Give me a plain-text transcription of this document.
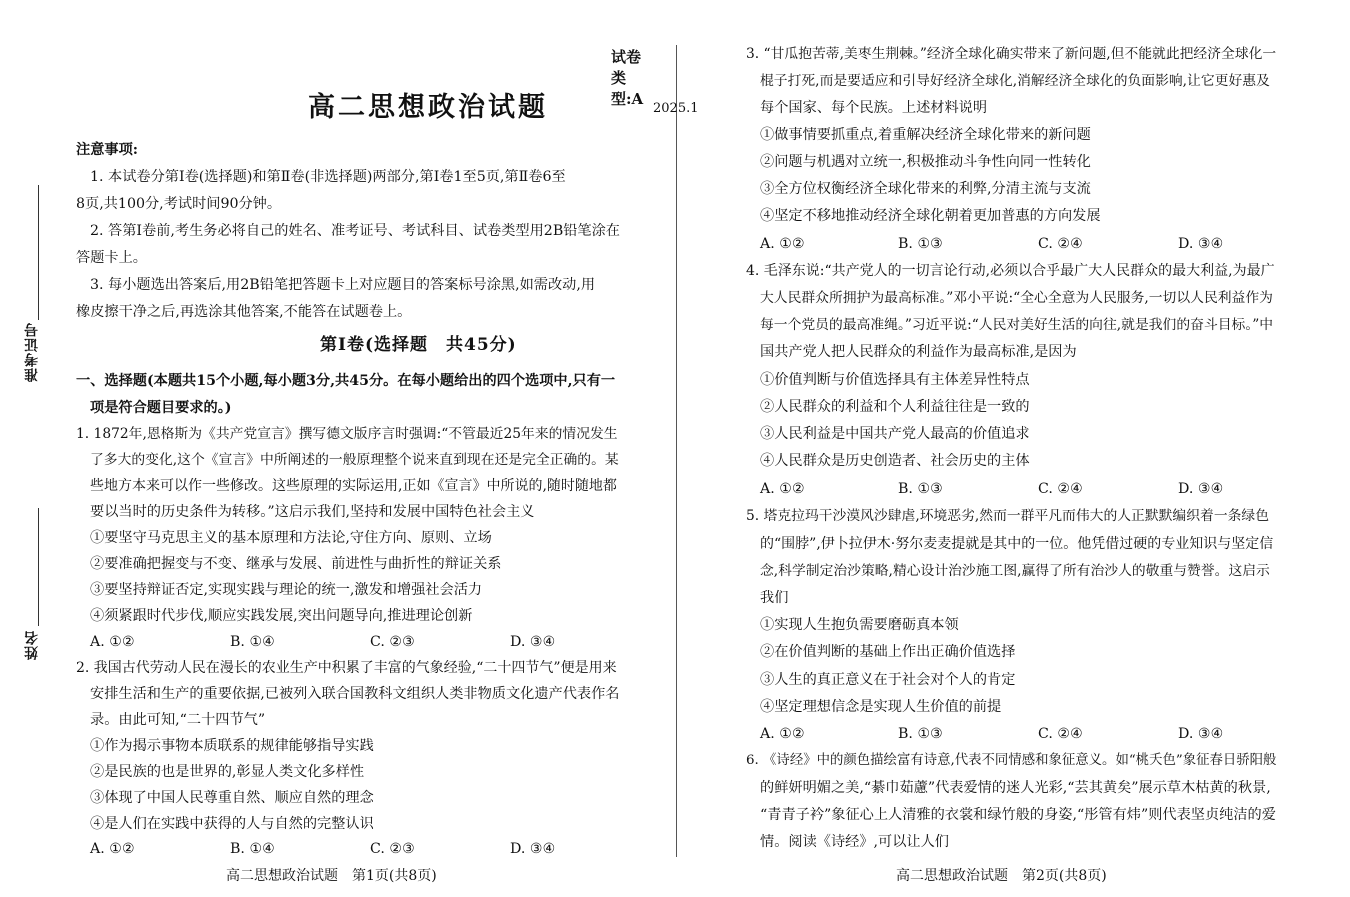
准考证号
姓名
试卷类型:A
高二思想政治试题	2025.1
注意事项:
1. 本试卷分第Ⅰ卷(选择题)和第Ⅱ卷(非选择题)两部分,第Ⅰ卷1至5页,第Ⅱ卷6至
8页,共100分,考试时间90分钟。
2. 答第Ⅰ卷前,考生务必将自己的姓名、准考证号、考试科目、试卷类型用2B铅笔涂在
答题卡上。
3. 每小题选出答案后,用2B铅笔把答题卡上对应题目的答案标号涂黑,如需改动,用
橡皮擦干净之后,再选涂其他答案,不能答在试题卷上。
第Ⅰ卷(选择题　共45分)
一、选择题(本题共15个小题,每小题3分,共45分。在每小题给出的四个选项中,只有一
项是符合题目要求的。)
1. 1872年,恩格斯为《共产党宣言》撰写德文版序言时强调:“不管最近25年来的情况发生
了多大的变化,这个《宣言》中所阐述的一般原理整个说来直到现在还是完全正确的。某
些地方本来可以作一些修改。这些原理的实际运用,正如《宣言》中所说的,随时随地都
要以当时的历史条件为转移。”这启示我们,坚持和发展中国特色社会主义
①要坚守马克思主义的基本原理和方法论,守住方向、原则、立场
②要准确把握变与不变、继承与发展、前进性与曲折性的辩证关系
③要坚持辩证否定,实现实践与理论的统一,激发和增强社会活力
④须紧跟时代步伐,顺应实践发展,突出问题导向,推进理论创新
A. ①②	B. ①④	C. ②③	D. ③④
2. 我国古代劳动人民在漫长的农业生产中积累了丰富的气象经验,“二十四节气”便是用来
安排生活和生产的重要依据,已被列入联合国教科文组织人类非物质文化遗产代表作名
录。由此可知,“二十四节气”
①作为揭示事物本质联系的规律能够指导实践
②是民族的也是世界的,彰显人类文化多样性
③体现了中国人民尊重自然、顺应自然的理念
④是人们在实践中获得的人与自然的完整认识
A. ①②	B. ①④	C. ②③	D. ③④
高二思想政治试题　第1页(共8页)
3. “甘瓜抱苦蒂,美枣生荆棘。”经济全球化确实带来了新问题,但不能就此把经济全球化一
棍子打死,而是要适应和引导好经济全球化,消解经济全球化的负面影响,让它更好惠及
每个国家、每个民族。上述材料说明
①做事情要抓重点,着重解决经济全球化带来的新问题
②问题与机遇对立统一,积极推动斗争性向同一性转化
③全方位权衡经济全球化带来的利弊,分清主流与支流
④坚定不移地推动经济全球化朝着更加普惠的方向发展
A. ①②	B. ①③	C. ②④	D. ③④
4. 毛泽东说:“共产党人的一切言论行动,必须以合乎最广大人民群众的最大利益,为最广
大人民群众所拥护为最高标准。”邓小平说:“全心全意为人民服务,一切以人民利益作为
每一个党员的最高准绳。”习近平说:“人民对美好生活的向往,就是我们的奋斗目标。”中
国共产党人把人民群众的利益作为最高标准,是因为
①价值判断与价值选择具有主体差异性特点
②人民群众的利益和个人利益往往是一致的
③人民利益是中国共产党人最高的价值追求
④人民群众是历史创造者、社会历史的主体
A. ①②	B. ①③	C. ②④	D. ③④
5. 塔克拉玛干沙漠风沙肆虐,环境恶劣,然而一群平凡而伟大的人正默默编织着一条绿色
的“围脖”,伊卜拉伊木·努尔麦麦提就是其中的一位。他凭借过硬的专业知识与坚定信
念,科学制定治沙策略,精心设计治沙施工图,赢得了所有治沙人的敬重与赞誉。这启示
我们
①实现人生抱负需要磨砺真本领
②在价值判断的基础上作出正确价值选择
③人生的真正意义在于社会对个人的肯定
④坚定理想信念是实现人生价值的前提
A. ①②	B. ①③	C. ②④	D. ③④
6. 《诗经》中的颜色描绘富有诗意,代表不同情感和象征意义。如“桃夭色”象征春日骄阳般
的鲜妍明媚之美,“綦巾茹藘”代表爱情的迷人光彩,“芸其黄矣”展示草木枯黄的秋景,
“青青子衿”象征心上人清雅的衣裳和绿竹般的身姿,“彤管有炜”则代表坚贞纯洁的爱
情。阅读《诗经》,可以让人们
高二思想政治试题　第2页(共8页)
